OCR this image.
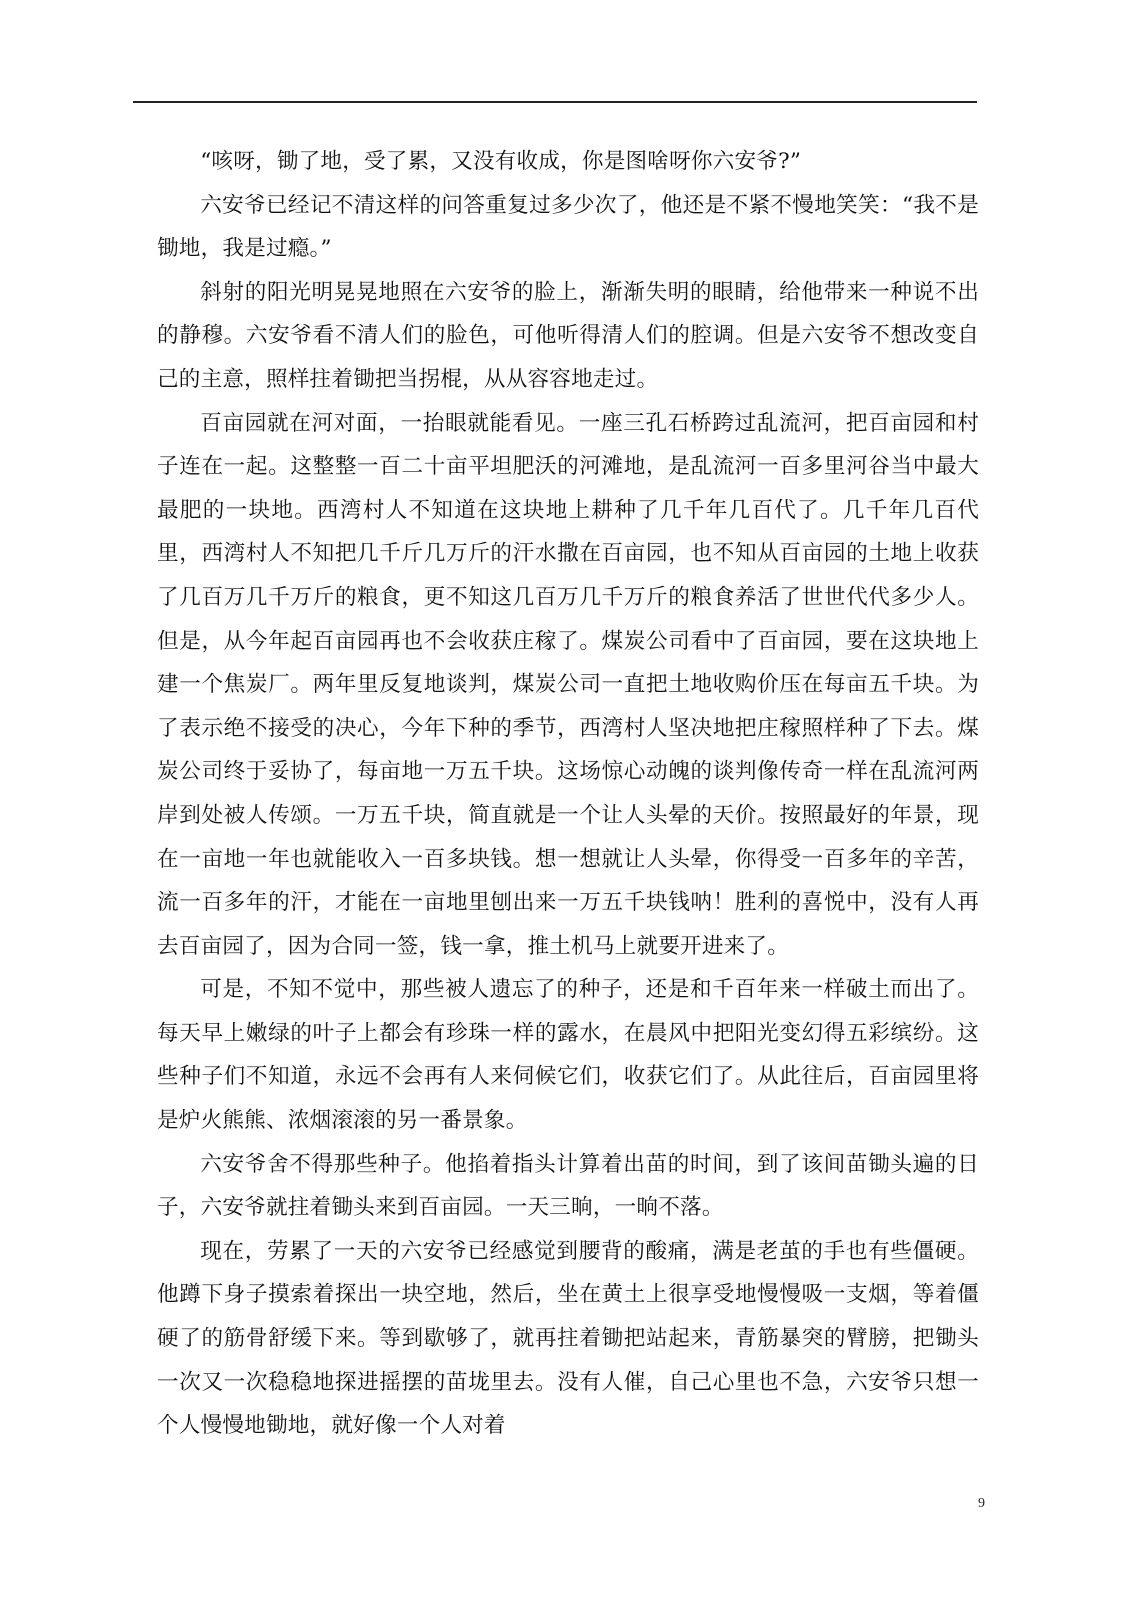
“咳呀，锄了地，受了累，又没有收成，你是图啥呀你六安爷?”

六安爷已经记不清这样的问答重复过多少次了，他还是不紧不慢地笑笑：“我不是锄地，我是过瘾。”

斜射的阳光明晃晃地照在六安爷的脸上，渐渐失明的眼睛，给他带来一种说不出的静穆。六安爷看不清人们的脸色，可他听得清人们的腔调。但是六安爷不想改变自己的主意，照样拄着锄把当拐棍，从从容容地走过。

百亩园就在河对面，一抬眼就能看见。一座三孔石桥跨过乱流河，把百亩园和村子连在一起。这整整一百二十亩平坦肥沃的河滩地，是乱流河一百多里河谷当中最大最肥的一块地。西湾村人不知道在这块地上耕种了几千年几百代了。几千年几百代里，西湾村人不知把几千斤几万斤的汗水撒在百亩园，也不知从百亩园的土地上收获了几百万几千万斤的粮食，更不知这几百万几千万斤的粮食养活了世世代代多少人。但是，从今年起百亩园再也不会收获庄稼了。煤炭公司看中了百亩园，要在这块地上建一个焦炭厂。两年里反复地谈判，煤炭公司一直把土地收购价压在每亩五千块。为了表示绝不接受的决心，今年下种的季节，西湾村人坚决地把庄稼照样种了下去。煤炭公司终于妥协了，每亩地一万五千块。这场惊心动魄的谈判像传奇一样在乱流河两岸到处被人传颂。一万五千块，简直就是一个让人头晕的天价。按照最好的年景，现在一亩地一年也就能收入一百多块钱。想一想就让人头晕，你得受一百多年的辛苦，流一百多年的汗，才能在一亩地里刨出来一万五千块钱呐！胜利的喜悦中，没有人再去百亩园了，因为合同一签，钱一拿，推土机马上就要开进来了。

可是，不知不觉中，那些被人遗忘了的种子，还是和千百年来一样破土而出了。每天早上嫩绿的叶子上都会有珍珠一样的露水，在晨风中把阳光变幻得五彩缤纷。这些种子们不知道，永远不会再有人来伺候它们，收获它们了。从此往后，百亩园里将是炉火熊熊、浓烟滚滚的另一番景象。

六安爷舍不得那些种子。他掐着指头计算着出苗的时间，到了该间苗锄头遍的日子，六安爷就拄着锄头来到百亩园。一天三晌，一晌不落。

现在，劳累了一天的六安爷已经感觉到腰背的酸痛，满是老茧的手也有些僵硬。他蹲下身子摸索着探出一块空地，然后，坐在黄土上很享受地慢慢吸一支烟，等着僵硬了的筋骨舒缓下来。等到歇够了，就再拄着锄把站起来，青筋暴突的臂膀，把锄头一次又一次稳稳地探进摇摆的苗垅里去。没有人催，自己心里也不急，六安爷只想一个人慢慢地锄地，就好像一个人对着

9
